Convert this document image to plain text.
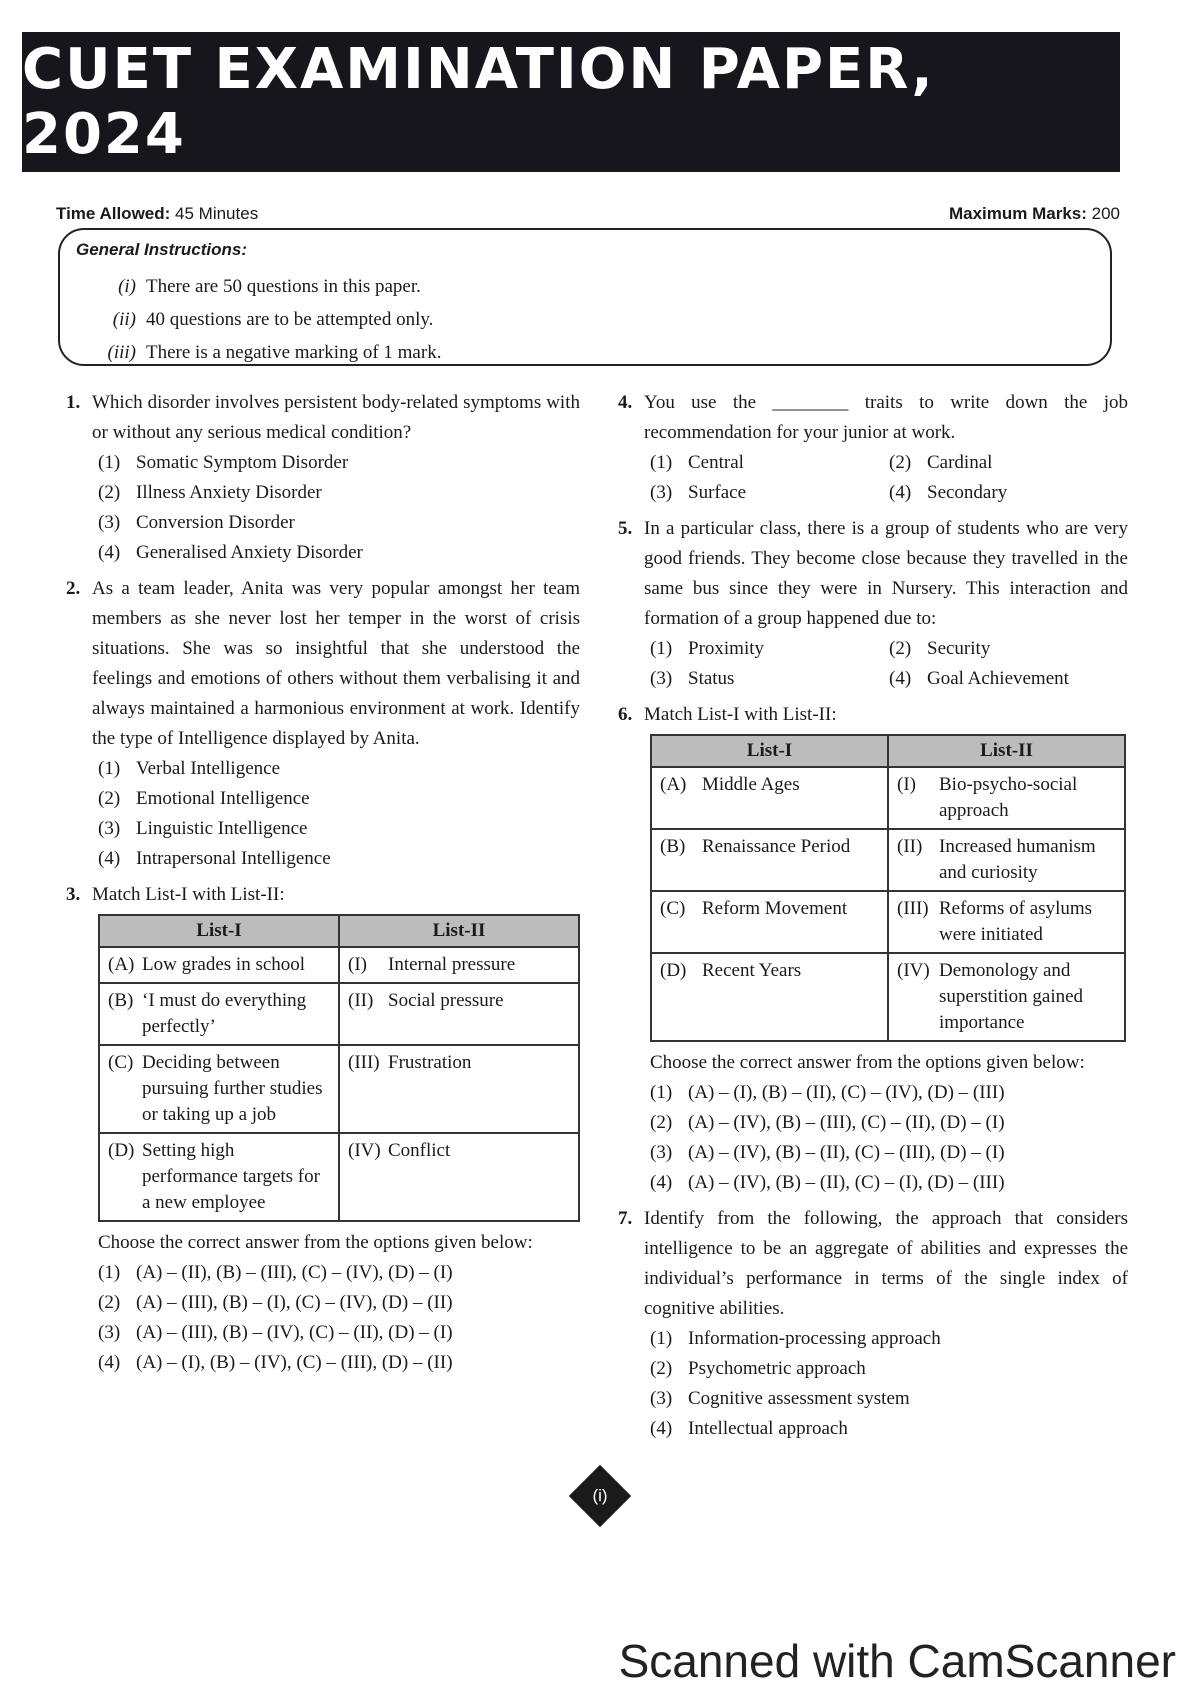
CUET EXAMINATION PAPER, 2024
Time Allowed: 45 Minutes	Maximum Marks: 200
General Instructions:
(i) There are 50 questions in this paper.
(ii) 40 questions are to be attempted only.
(iii) There is a negative marking of 1 mark.
1. Which disorder involves persistent body-related symptoms with or without any serious medical condition?
(1) Somatic Symptom Disorder
(2) Illness Anxiety Disorder
(3) Conversion Disorder
(4) Generalised Anxiety Disorder
2. As a team leader, Anita was very popular amongst her team members as she never lost her temper in the worst of crisis situations. She was so insightful that she understood the feelings and emotions of others without them verbalising it and always maintained a harmonious environment at work. Identify the type of Intelligence displayed by Anita.
(1) Verbal Intelligence
(2) Emotional Intelligence
(3) Linguistic Intelligence
(4) Intrapersonal Intelligence
3. Match List-I with List-II:
List-I	List-II

(A) Low grades in school	(I) Internal pressure

(B) ‘I must do everything perfectly’	(II) Social pressure

(C) Deciding between pursuing further studies or taking up a job	(III) Frustration

(D) Setting high performance targets for a new employee	(IV) Conflict
Choose the correct answer from the options given below:
(1) (A) – (II), (B) – (III), (C) – (IV), (D) – (I)
(2) (A) – (III), (B) – (I), (C) – (IV), (D) – (II)
(3) (A) – (III), (B) – (IV), (C) – (II), (D) – (I)
(4) (A) – (I), (B) – (IV), (C) – (III), (D) – (II)
4. You use the ________ traits to write down the job recommendation for your junior at work.
(1) Central	(2) Cardinal
(3) Surface	(4) Secondary
5. In a particular class, there is a group of students who are very good friends. They become close because they travelled in the same bus since they were in Nursery. This interaction and formation of a group happened due to:
(1) Proximity	(2) Security
(3) Status	(4) Goal Achievement
6. Match List-I with List-II:
List-I	List-II

(A) Middle Ages	(I) Bio-psycho-social approach

(B) Renaissance Period	(II) Increased humanism and curiosity

(C) Reform Movement	(III) Reforms of asylums were initiated

(D) Recent Years	(IV) Demonology and superstition gained importance
Choose the correct answer from the options given below:
(1) (A) – (I), (B) – (II), (C) – (IV), (D) – (III)
(2) (A) – (IV), (B) – (III), (C) – (II), (D) – (I)
(3) (A) – (IV), (B) – (II), (C) – (III), (D) – (I)
(4) (A) – (IV), (B) – (II), (C) – (I), (D) – (III)
7. Identify from the following, the approach that considers intelligence to be an aggregate of abilities and expresses the individual’s performance in terms of the single index of cognitive abilities.
(1) Information-processing approach
(2) Psychometric approach
(3) Cognitive assessment system
(4) Intellectual approach
(i)
Scanned with CamScanner
